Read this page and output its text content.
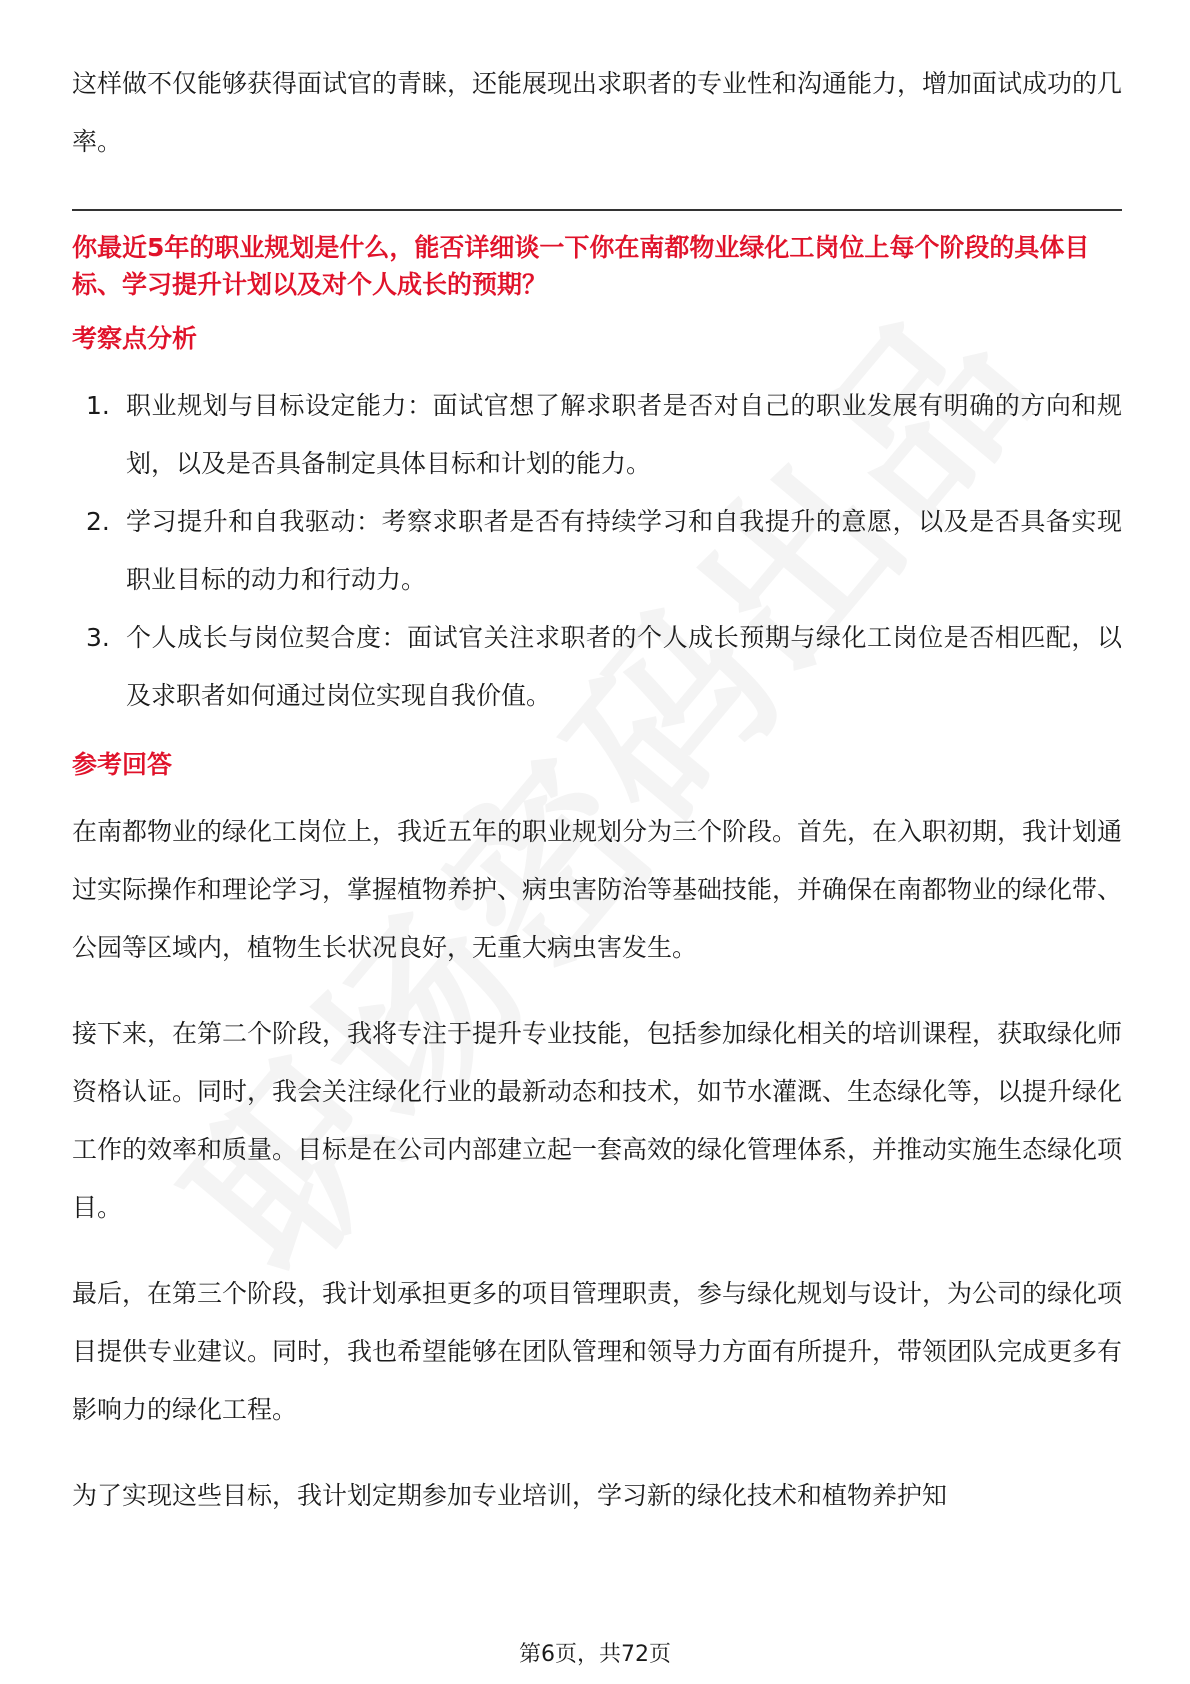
这样做不仅能够获得面试官的青睐，还能展现出求职者的专业性和沟通能力，增加面试成功的几率。

你最近5年的职业规划是什么，能否详细谈一下你在南都物业绿化工岗位上每个阶段的具体目标、学习提升计划以及对个人成长的预期？

考察点分析
1. 职业规划与目标设定能力：面试官想了解求职者是否对自己的职业发展有明确的方向和规划，以及是否具备制定具体目标和计划的能力。
2. 学习提升和自我驱动：考察求职者是否有持续学习和自我提升的意愿，以及是否具备实现职业目标的动力和行动力。
3. 个人成长与岗位契合度：面试官关注求职者的个人成长预期与绿化工岗位是否相匹配，以及求职者如何通过岗位实现自我价值。
参考回答

在南都物业的绿化工岗位上，我近五年的职业规划分为三个阶段。首先，在入职初期，我计划通过实际操作和理论学习，掌握植物养护、病虫害防治等基础技能，并确保在南都物业的绿化带、公园等区域内，植物生长状况良好，无重大病虫害发生。

接下来，在第二个阶段，我将专注于提升专业技能，包括参加绿化相关的培训课程，获取绿化师资格认证。同时，我会关注绿化行业的最新动态和技术，如节水灌溉、生态绿化等，以提升绿化工作的效率和质量。目标是在公司内部建立起一套高效的绿化管理体系，并推动实施生态绿化项目。

最后，在第三个阶段，我计划承担更多的项目管理职责，参与绿化规划与设计，为公司的绿化项目提供专业建议。同时，我也希望能够在团队管理和领导力方面有所提升，带领团队完成更多有影响力的绿化工程。

为了实现这些目标，我计划定期参加专业培训，学习新的绿化技术和植物养护知

第6页，共72页
